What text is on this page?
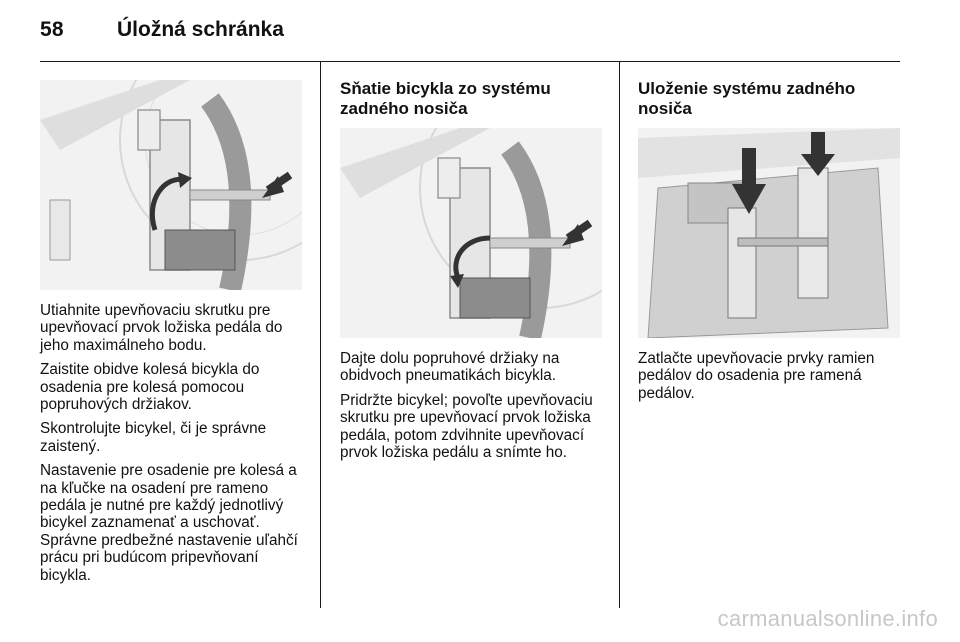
58	Úložná schránka

Utiahnite upevňovaciu skrutku pre upevňovací prvok ložiska pedála do jeho maximálneho bodu.

Zaistite obidve kolesá bicykla do osadenia pre kolesá pomocou popruhových držiakov.

Skontrolujte bicykel, či je správne zaistený.

Nastavenie pre osadenie pre kolesá a na kľučke na osadení pre rameno pedála je nutné pre každý jednotlivý bicykel zaznamenať a uschovať. Správne predbežné nastavenie uľahčí prácu pri budúcom pripevňovaní bicykla.

Sňatie bicykla zo systému zadného nosiča

Dajte dolu popruhové držiaky na obidvoch pneumatikách bicykla.

Pridržte bicykel; povoľte upevňovaciu skrutku pre upevňovací prvok ložiska pedála, potom zdvihnite upevňovací prvok ložiska pedálu a snímte ho.

Uloženie systému zadného nosiča

Zatlačte upevňovacie prvky ramien pedálov do osadenia pre ramená pedálov.

carmanualsonline.info
